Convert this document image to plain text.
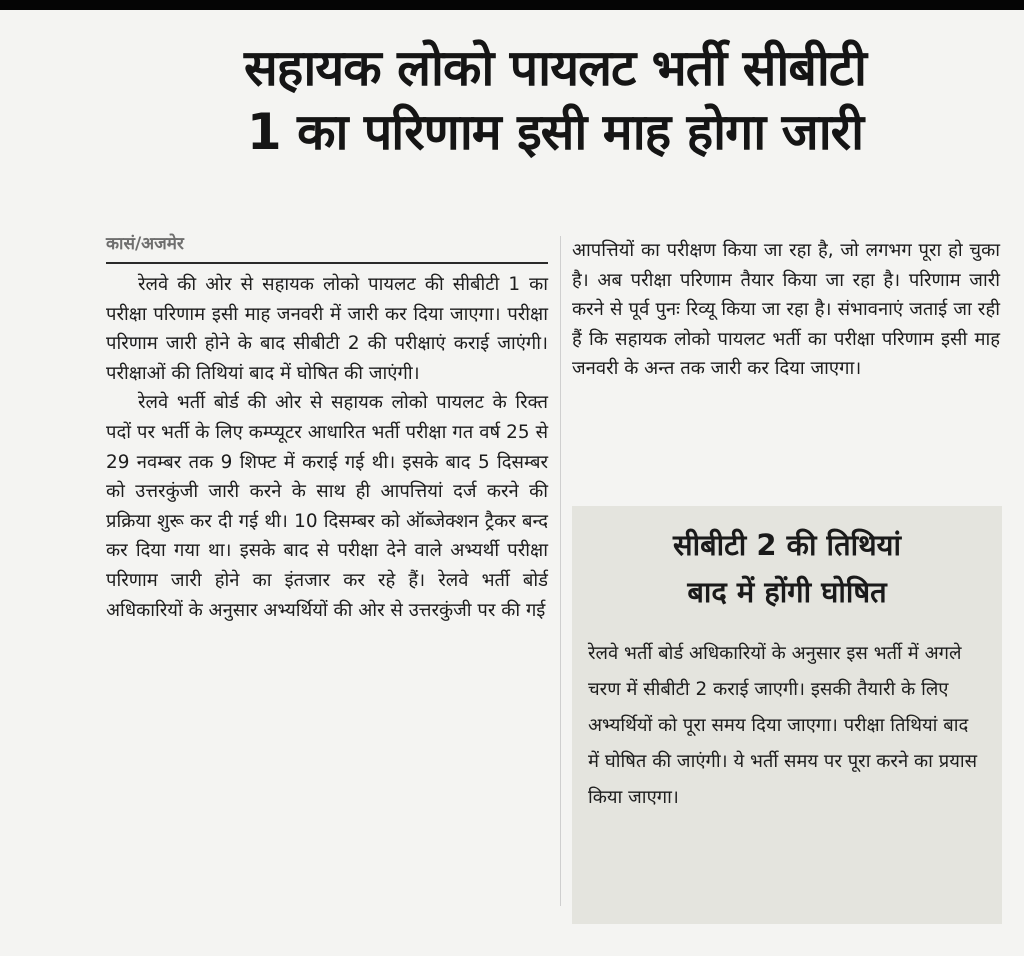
सहायक लोको पायलट भर्ती सीबीटी
1 का परिणाम इसी माह होगा जारी
कासं/अजमेर

रेलवे की ओर से सहायक लोको पायलट की सीबीटी 1 का परीक्षा परिणाम इसी माह जनवरी में जारी कर दिया जाएगा। परीक्षा परिणाम जारी होने के बाद सीबीटी 2 की परीक्षाएं कराई जाएंगी। परीक्षाओं की तिथियां बाद में घोषित की जाएंगी।

रेलवे भर्ती बोर्ड की ओर से सहायक लोको पायलट के रिक्त पदों पर भर्ती के लिए कम्प्यूटर आधारित भर्ती परीक्षा गत वर्ष 25 से 29 नवम्बर तक 9 शिफ्ट में कराई गई थी। इसके बाद 5 दिसम्बर को उत्तरकुंजी जारी करने के साथ ही आपत्तियां दर्ज करने की प्रक्रिया शुरू कर दी गई थी। 10 दिसम्बर को ऑब्जेक्शन ट्रैकर बन्द कर दिया गया था। इसके बाद से परीक्षा देने वाले अभ्यर्थी परीक्षा परिणाम जारी होने का इंतजार कर रहे हैं। रेलवे भर्ती बोर्ड अधिकारियों के अनुसार अभ्यर्थियों की ओर से उत्तरकुंजी पर की गई

आपत्तियों का परीक्षण किया जा रहा है, जो लगभग पूरा हो चुका है। अब परीक्षा परिणाम तैयार किया जा रहा है। परिणाम जारी करने से पूर्व पुनः रिव्यू किया जा रहा है। संभावनाएं जताई जा रही हैं कि सहायक लोको पायलट भर्ती का परीक्षा परिणाम इसी माह जनवरी के अन्त तक जारी कर दिया जाएगा।

सीबीटी 2 की तिथियां
बाद में होंगी घोषित
रेलवे भर्ती बोर्ड अधिकारियों के अनुसार इस भर्ती में अगले चरण में सीबीटी 2 कराई जाएगी। इसकी तैयारी के लिए अभ्यर्थियों को पूरा समय दिया जाएगा। परीक्षा तिथियां बाद में घोषित की जाएंगी। ये भर्ती समय पर पूरा करने का प्रयास किया जाएगा।
